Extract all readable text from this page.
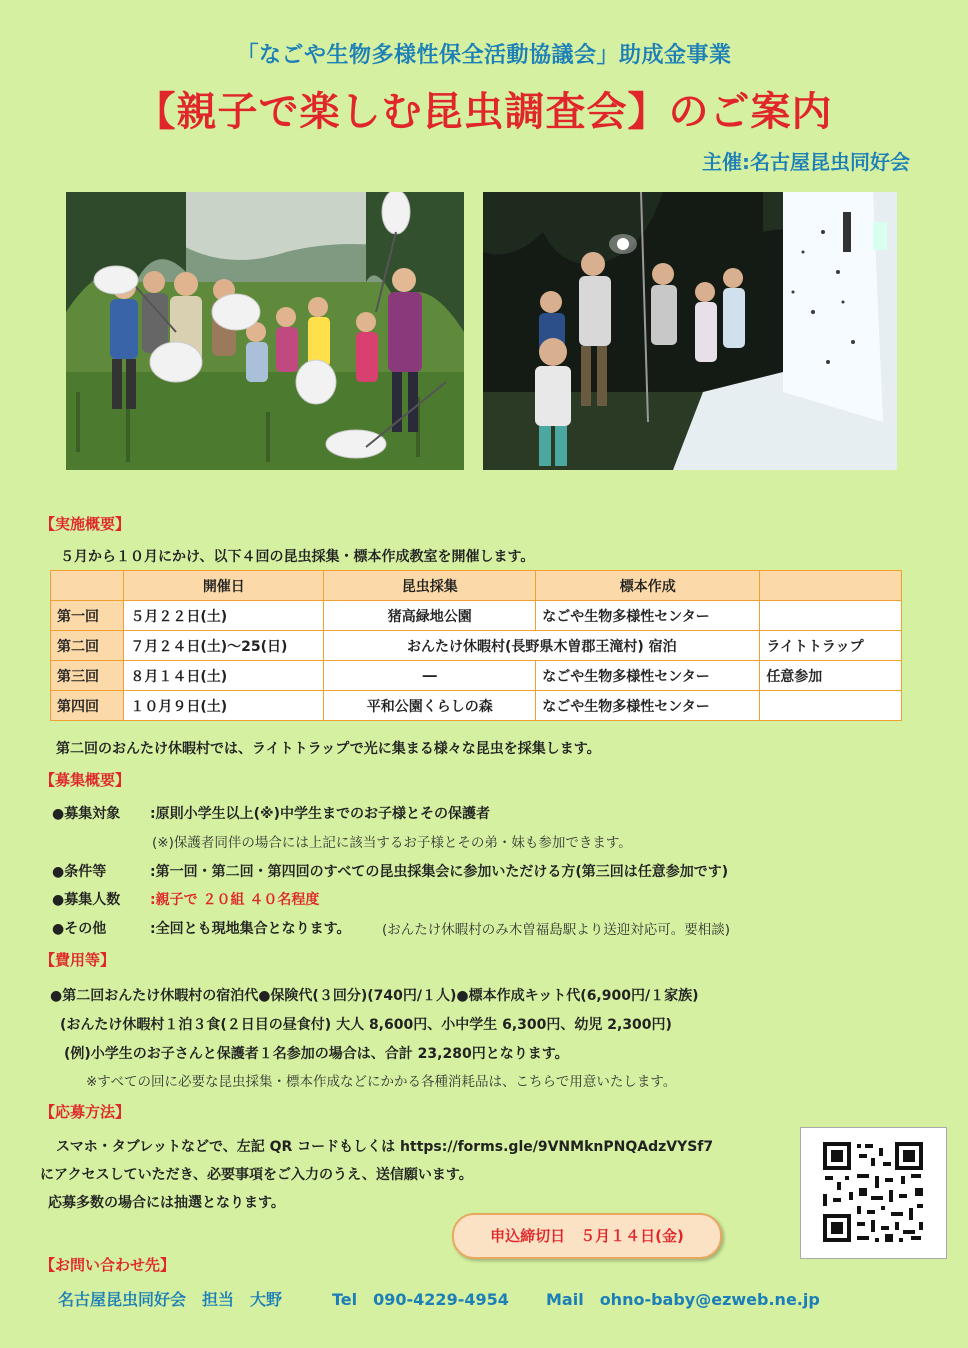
「なごや生物多様性保全活動協議会」助成金事業
【親子で楽しむ昆虫調査会】のご案内
主催:名古屋昆虫同好会
【実施概要】
５月から１０月にかけ、以下４回の昆虫採集・標本作成教室を開催します。
	開催日	昆虫採集	標本作成	
第一回	５月２２日(土)	猪高緑地公園	なごや生物多様性センター	
第二回	７月２４日(土)～25(日)	おんたけ休暇村(長野県木曽郡王滝村) 宿泊		ライトトラップ
第三回	８月１４日(土)	―	なごや生物多様性センター	任意参加
第四回	１０月９日(土)	平和公園くらしの森	なごや生物多様性センター	
第二回のおんたけ休暇村では、ライトトラップで光に集まる様々な昆虫を採集します。
【募集概要】
●募集対象 :原則小学生以上(※)中学生までのお子様とその保護者
(※)保護者同伴の場合には上記に該当するお子様とその弟・妹も参加できます。
●条件等	:第一回・第二回・第四回のすべての昆虫採集会に参加いただける方(第三回は任意参加です)
●募集人数 :親子で ２０組 ４０名程度
●その他	:全回とも現地集合となります。 (おんたけ休暇村のみ木曽福島駅より送迎対応可。要相談)
【費用等】
●第二回おんたけ休暇村の宿泊代●保険代(３回分)(740円/１人)●標本作成キット代(6,900円/１家族)
(おんたけ休暇村１泊３食(２日目の昼食付) 大人 8,600円、小中学生 6,300円、幼児 2,300円)
(例)小学生のお子さんと保護者１名参加の場合は、合計 23,280円となります。
※すべての回に必要な昆虫採集・標本作成などにかかる各種消耗品は、こちらで用意いたします。
【応募方法】
スマホ・タブレットなどで、左記 QR コードもしくは https://forms.gle/9VNMknPNQAdzVYSf7
にアクセスしていただき、必要事項をご入力のうえ、送信願います。
応募多数の場合には抽選となります。
申込締切日　５月１４日(金)
【お問い合わせ先】
名古屋昆虫同好会　担当　大野	Tel　090-4229-4954 Mail　ohno-baby@ezweb.ne.jp
